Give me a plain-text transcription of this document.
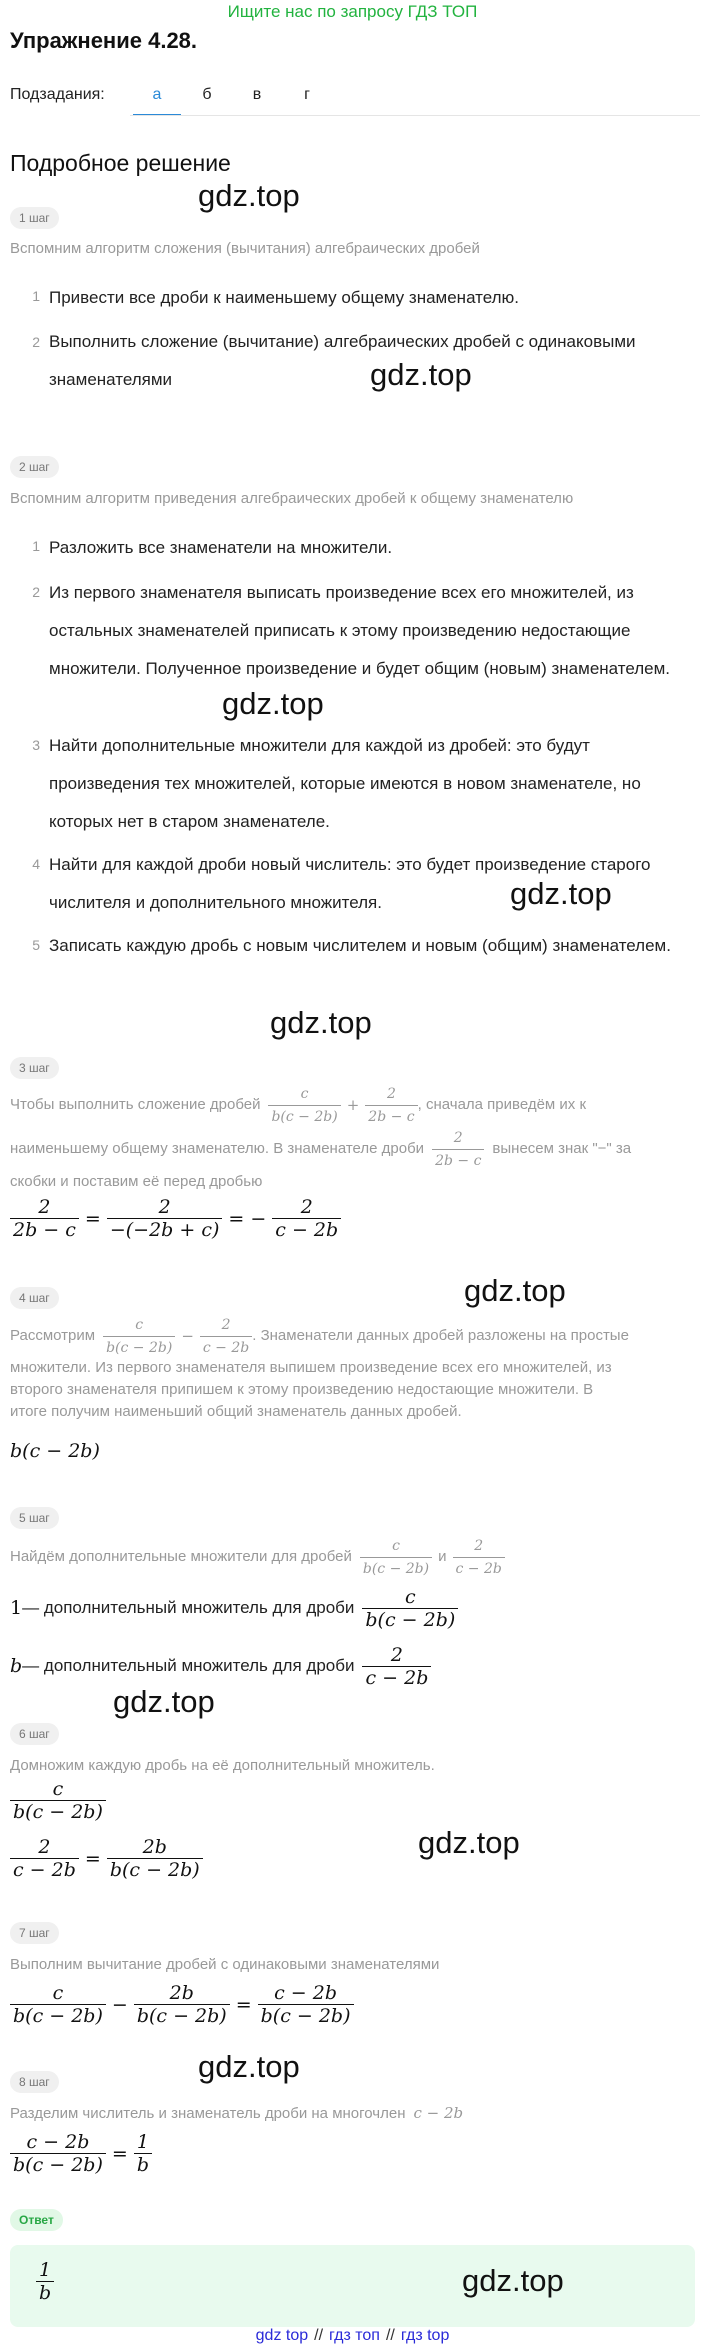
Ищите нас по запросу ГДЗ ТОП
Упражнение 4.28.
Подзадания:	а	б	в	г
Подробное решение
1 шаг
gdz.top
Вспомним алгоритм сложения (вычитания) алгебраических дробей
1 Привести все дроби к наименьшему общему знаменателю.
2 Выполнить сложение (вычитание) алгебраических дробей с одинаковыми знаменателями	gdz.top
2 шаг
Вспомним алгоритм приведения алгебраических дробей к общему знаменателю
1 Разложить все знаменатели на множители.
2 Из первого знаменателя выписать произведение всех его множителей, из остальных знаменателей приписать к этому произведению недостающие множители. Полученное произведение и будет общим (новым) знаменателем.
gdz.top
3 Найти дополнительные множители для каждой из дробей: это будут произведения тех множителей, которые имеются в новом знаменателе, но которых нет в старом знаменателе.
4 Найти для каждой дроби новый числитель: это будет произведение старого числителя и дополнительного множителя.	gdz.top
5 Записать каждую дробь с новым числителем и новым (общим) знаменателем.
gdz.top
3 шаг
Чтобы выполнить сложение дробей $\frac{c}{b(c - 2b)} + \frac{2}{2b - c}$ , сначала приведём их к
наименьшему общему знаменателю. В знаменателе дроби $\frac{2}{2b - c}$ вынесем знак "−" за
скобки и поставим её перед дробью
$\frac{2}{2b - c} = \frac{2}{-(-2b + c)}$ = − $\frac{2}{c - 2b}$
gdz.top
4 шаг
Рассмотрим $\frac{c}{b(c - 2b)} - \frac{2}{c - 2b}$ . Знаменатели данных дробей разложены на простые
множители. Из первого знаменателя выпишем произведение всех его множителей, из
второго знаменателя припишем к этому произведению недостающие множители. В
итоге получим наименьший общий знаменатель данных дробей.
b(c − 2b)
5 шаг
Найдём дополнительные множители для дробей $\frac{c}{b(c - 2b)}$ и $\frac{2}{c - 2b}$
1 — дополнительный множитель для дроби $\frac{c}{b(c - 2b)}$
b — дополнительный множитель для дроби $\frac{2}{c - 2b}$
gdz.top
6 шаг
Домножим каждую дробь на её дополнительный множитель.
$\frac{c}{b(c - 2b)}$
$\frac{2}{c - 2b} = \frac{2b}{b(c - 2b)}$	gdz.top
7 шаг
Выполним вычитание дробей с одинаковыми знаменателями
$\frac{c}{b(c - 2b)} - \frac{2b}{b(c - 2b)} = \frac{c - 2b}{b(c - 2b)}$
gdz.top
8 шаг
Разделим числитель и знаменатель дроби на многочлен c − 2b
$\frac{c - 2b}{b(c - 2b)} = \frac{1}{b}$
Ответ
$\frac{1}{b}$	gdz.top
gdz top // гдз топ // гдз top
